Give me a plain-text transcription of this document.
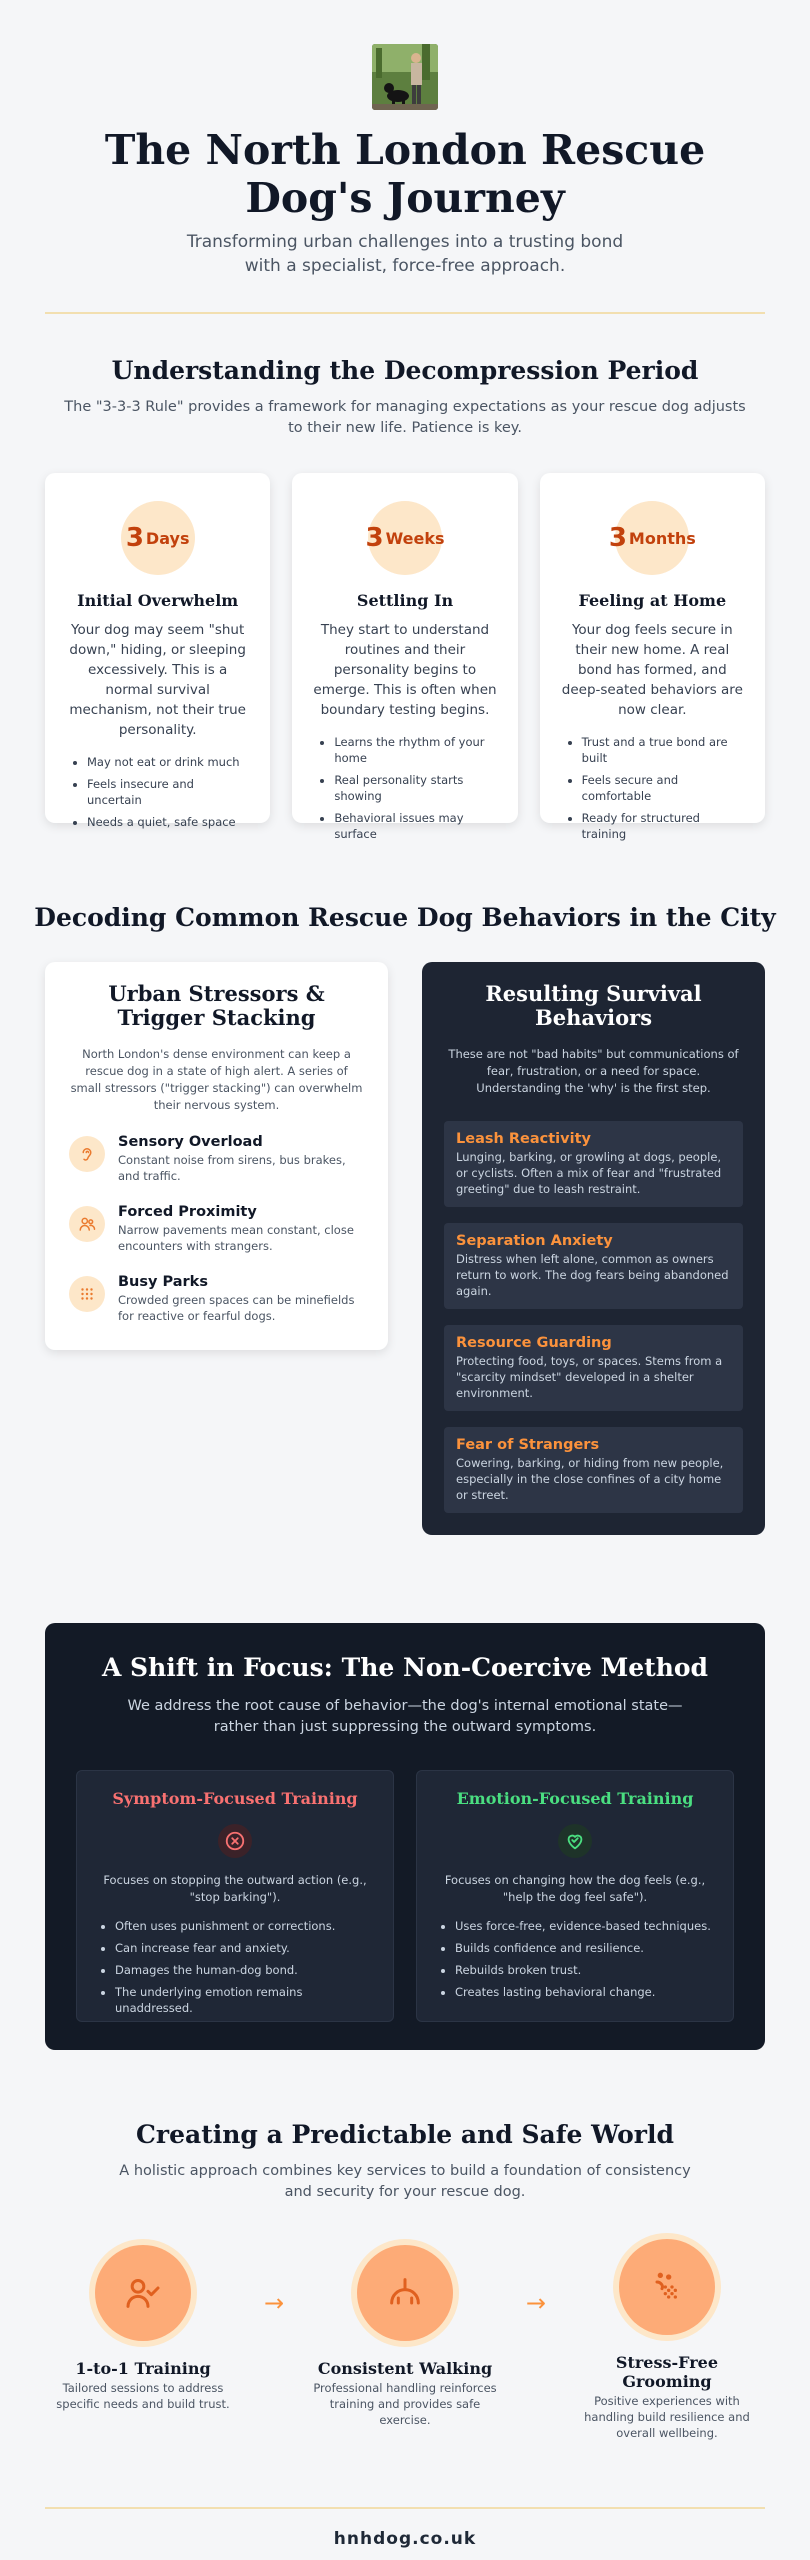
The North London Rescue Dog's Journey

Transforming urban challenges into a trusting bond with a specialist, force-free approach.

Understanding the Decompression Period

The "3-3-3 Rule" provides a framework for managing expectations as your rescue dog adjusts to their new life. Patience is key.

3 Days
Initial Overwhelm

Your dog may seem "shut down," hiding, or sleeping excessively. This is a normal survival mechanism, not their true personality.

• May not eat or drink much
• Feels insecure and uncertain
• Needs a quiet, safe space
3 Weeks
Settling In

They start to understand routines and their personality begins to emerge. This is often when boundary testing begins.

• Learns the rhythm of your home
• Real personality starts showing
• Behavioral issues may surface
3 Months
Feeling at Home

Your dog feels secure in their new home. A real bond has formed, and deep-seated behaviors are now clear.

• Trust and a true bond are built
• Feels secure and comfortable
• Ready for structured training
Decoding Common Rescue Dog Behaviors in the City
Urban Stressors & Trigger Stacking

North London's dense environment can keep a rescue dog in a state of high alert. A series of small stressors ("trigger stacking") can overwhelm their nervous system.

Sensory Overload

Constant noise from sirens, bus brakes, and traffic.

Forced Proximity

Narrow pavements mean constant, close encounters with strangers.

Busy Parks

Crowded green spaces can be minefields for reactive or fearful dogs.

Resulting Survival Behaviors

These are not "bad habits" but communications of fear, frustration, or a need for space. Understanding the 'why' is the first step.

Leash Reactivity

Lunging, barking, or growling at dogs, people, or cyclists. Often a mix of fear and "frustrated greeting" due to leash restraint.

Separation Anxiety

Distress when left alone, common as owners return to work. The dog fears being abandoned again.

Resource Guarding

Protecting food, toys, or spaces. Stems from a "scarcity mindset" developed in a shelter environment.

Fear of Strangers

Cowering, barking, or hiding from new people, especially in the close confines of a city home or street.

A Shift in Focus: The Non-Coercive Method

We address the root cause of behavior—the dog's internal emotional state—rather than just suppressing the outward symptoms.

Symptom-Focused Training

Focuses on stopping the outward action (e.g., "stop barking").

• Often uses punishment or corrections.
• Can increase fear and anxiety.
• Damages the human-dog bond.
• The underlying emotion remains unaddressed.
Emotion-Focused Training

Focuses on changing how the dog feels (e.g., "help the dog feel safe").

• Uses force-free, evidence-based techniques.
• Builds confidence and resilience.
• Rebuilds broken trust.
• Creates lasting behavioral change.
Creating a Predictable and Safe World

A holistic approach combines key services to build a foundation of consistency and security for your rescue dog.

1-to-1 Training

Tailored sessions to address specific needs and build trust.

→
Consistent Walking

Professional handling reinforces training and provides safe exercise.

→
Stress-Free Grooming

Positive experiences with handling build resilience and overall wellbeing.

hnhdog.co.uk
